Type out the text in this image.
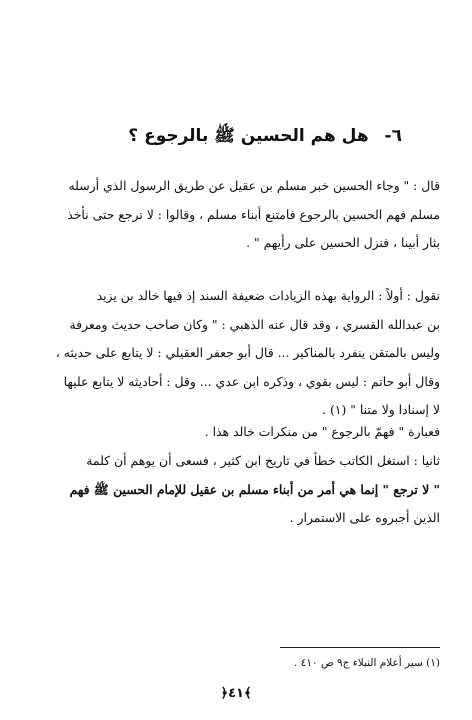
٦- هل هم الحسين ﷺ بالرجوع ؟
قال : " وجاء الحسين خبر مسلم بن عقيل عن طريق الرسول الذي أرسله
مسلم فهم الحسين بالرجوع فامتنع أبناء مسلم ، وقالوا : لا ترجع حتى نأخذ
بثار أبينا ، فنزل الحسين على رأيهم " .
نقول : أولاً : الرواية بهذه الزيادات ضعيفة السند إذ فيها خالد بن يزيد
بن عبدالله القسري ، وقد قال عنه الذهبي : " وكان صاحب حديث ومعرفة
وليس بالمتقن ينفرد بالمناكير ... قال أبو جعفر العقيلي : لا يتابع على حديثه ،
وقال أبو حاتم : ليس بقوي ، وذكره ابن عدي ... وقل : أحاديثه لا يتابع عليها
لا إسنادا ولا متنا " (١) .
فعبارة " فهمّ بالرجوع " من منكرات خالد هذا .
ثانيا : استغل الكاتب خطأ في تاريخ ابن كثير ، فسعى أن يوهم أن كلمة
" لا ترجع " إنما هي أمر من أبناء مسلم بن عقيل للإمام الحسين ﷺ فهم
الذين أجبروه على الاستمرار .
(١) سير أعلام النبلاء ج٩ ص ٤١٠ .
﴿٤١﴾
